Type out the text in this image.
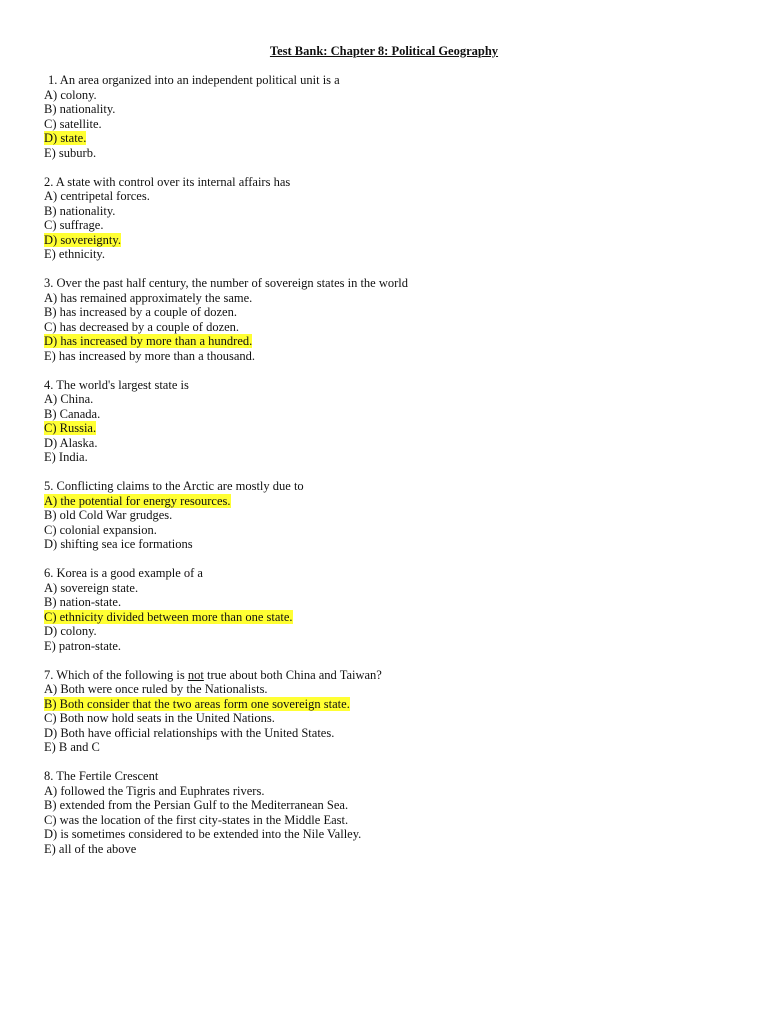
Test Bank: Chapter 8: Political Geography
1. An area organized into an independent political unit is a
A) colony.
B) nationality.
C) satellite.
D) state.
E) suburb.
2. A state with control over its internal affairs has
A) centripetal forces.
B) nationality.
C) suffrage.
D) sovereignty.
E) ethnicity.
3. Over the past half century, the number of sovereign states in the world
A) has remained approximately the same.
B) has increased by a couple of dozen.
C) has decreased by a couple of dozen.
D) has increased by more than a hundred.
E) has increased by more than a thousand.
4. The world's largest state is
A) China.
B) Canada.
C) Russia.
D) Alaska.
E) India.
5. Conflicting claims to the Arctic are mostly due to
A) the potential for energy resources.
B) old Cold War grudges.
C) colonial expansion.
D) shifting sea ice formations
6. Korea is a good example of a
A) sovereign state.
B) nation-state.
C) ethnicity divided between more than one state.
D) colony.
E) patron-state.
7. Which of the following is not true about both China and Taiwan?
A) Both were once ruled by the Nationalists.
B) Both consider that the two areas form one sovereign state.
C) Both now hold seats in the United Nations.
D) Both have official relationships with the United States.
E) B and C
8. The Fertile Crescent
A) followed the Tigris and Euphrates rivers.
B) extended from the Persian Gulf to the Mediterranean Sea.
C) was the location of the first city-states in the Middle East.
D) is sometimes considered to be extended into the Nile Valley.
E) all of the above
